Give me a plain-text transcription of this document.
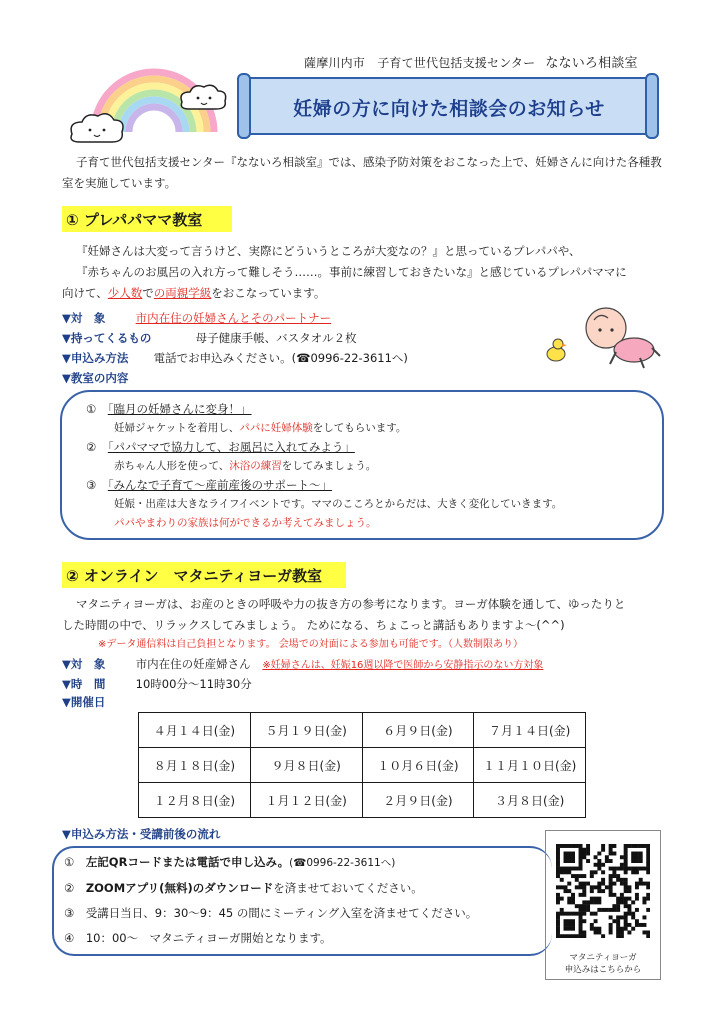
薩摩川内市　子育て世代包括支援センター なないろ相談室
妊婦の方に向けた相談会のお知らせ

子育て世代包括支援センター『なないろ相談室』では、感染予防対策をおこなった上で、妊婦さんに向けた各種教室を実施しています。

① プレパパママ教室

『妊婦さんは大変って言うけど、実際にどういうところが大変なの？』と思っているプレパパや、

『赤ちゃんのお風呂の入れ方って難しそう……。事前に練習しておきたいな』と感じているプレパパママに

向けて、少人数での両親学級をおこなっています。

▼対　象	市内在住の妊婦さんとそのパートナー
▼持ってくるもの	母子健康手帳、バスタオル２枚
▼申込み方法 電話でお申込みください。(☎0996-22-3611へ)
▼教室の内容
①　 「臨月の妊婦さんに変身！」
妊婦ジャケットを着用し、パパに妊婦体験をしてもらいます。
②　 「パパママで協力して、お風呂に入れてみよう」
赤ちゃん人形を使って、沐浴の練習をしてみましょう。
③　 「みんなで子育て～産前産後のサポート～」
妊娠・出産は大きなライフイベントです。ママのこころとからだは、大きく変化していきます。
パパやまわりの家族は何ができるか考えてみましょう。
② オンライン　マタニティヨーガ教室

マタニティヨーガは、お産のときの呼吸や力の抜き方の参考になります。ヨーガ体験を通して、ゆったりと

した時間の中で、リラックスしてみましょう。 ためになる、ちょこっと講話もありますよ～(^^)

※データ通信料は自己負担となります。 会場での対面による参加も可能です。（人数制限あり）

▼対　象	市内在住の妊産婦さん ※妊婦さんは、妊娠16週以降で医師から安静指示のない方対象
▼時　間	10時00分～11時30分
▼開催日
４月１４日(金)	５月１９日(金)	６月９日(金)	７月１４日(金)
８月１８日(金)	９月８日(金)	１０月６日(金)	１１月１０日(金)
１２月８日(金)	１月１２日(金)	２月９日(金)	３月８日(金)
▼申込み方法・受講前後の流れ
①　 左記QRコードまたは電話で申し込み。(☎0996-22-3611へ)
②　 ZOOMアプリ(無料)のダウンロードを済ませておいてください。
③　 受講日当日、9：30～9：45 の間にミーティング入室を済ませてください。
④　 10：00～　 マタニティヨーガ開始となります。
マタニティヨーガ
申込みはこちらから
